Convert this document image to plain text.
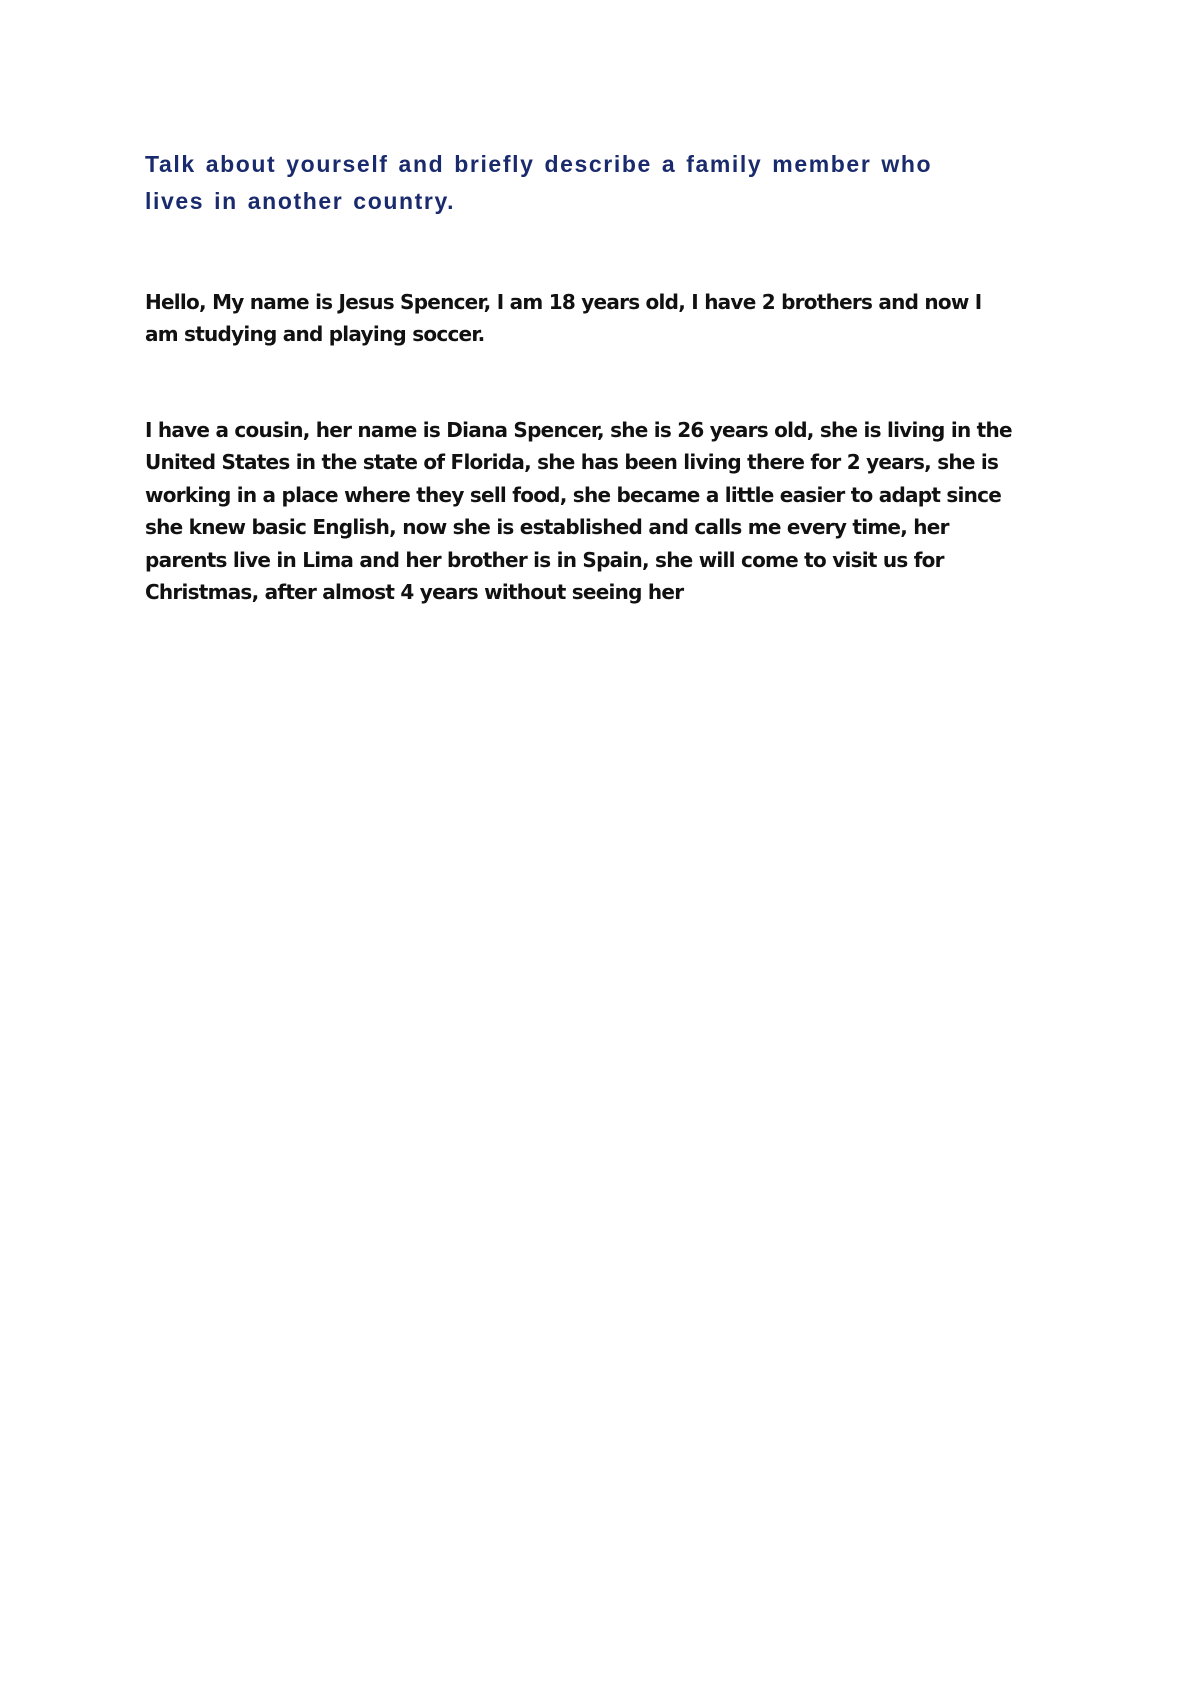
Talk about yourself and briefly describe a family member who
lives in another country.

Hello, My name is Jesus Spencer, I am 18 years old, I have 2 brothers and now I
am studying and playing soccer.

I have a cousin, her name is Diana Spencer, she is 26 years old, she is living in the
United States in the state of Florida, she has been living there for 2 years, she is
working in a place where they sell food, she became a little easier to adapt since
she knew basic English, now she is established and calls me every time, her
parents live in Lima and her brother is in Spain, she will come to visit us for
Christmas, after almost 4 years without seeing her
